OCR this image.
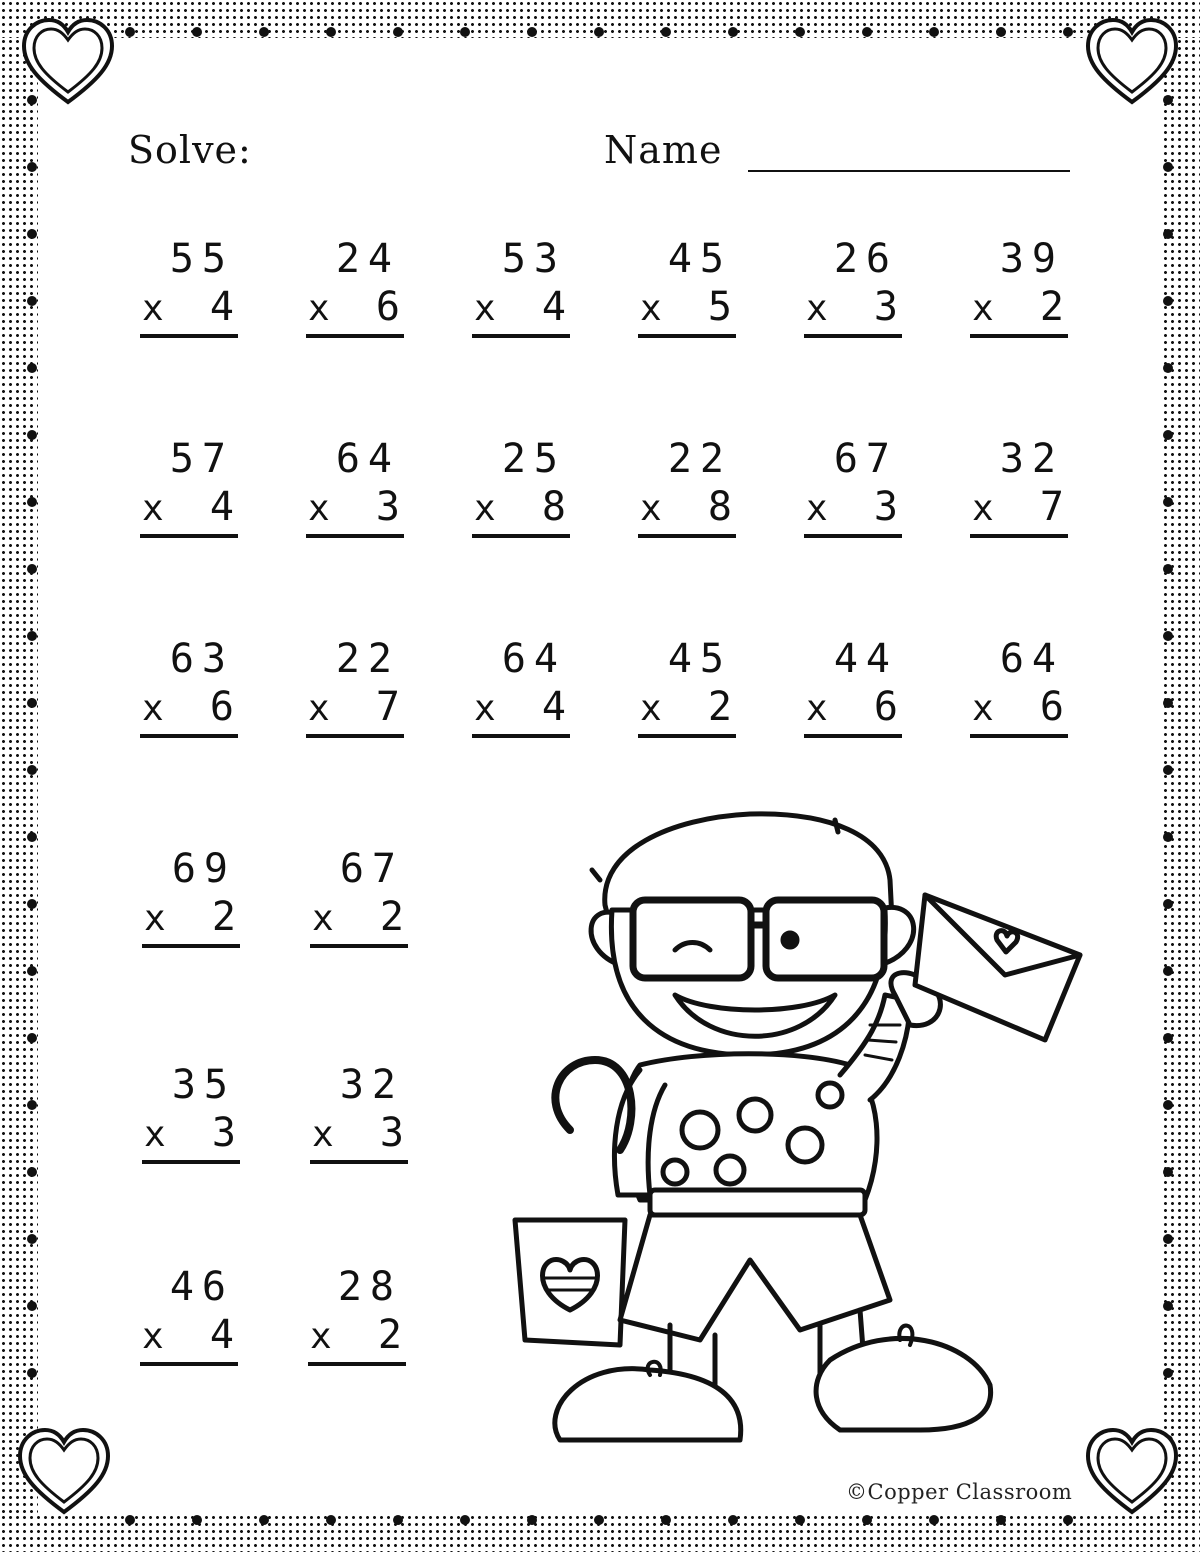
Solve:	Name
55
x 4
24
x 6
53
x 4
45
x 5
26
x 3
39
x 2
57
x 4
64
x 3
25
x 8
22
x 8
67
x 3
32
x 7
63
x 6
22
x 7
64
x 4
45
x 2
44
x 6
64
x 6
69
x 2
67
x 2
35
x 3
32
x 3
46
x 4
28
x 2
©Copper Classroom
